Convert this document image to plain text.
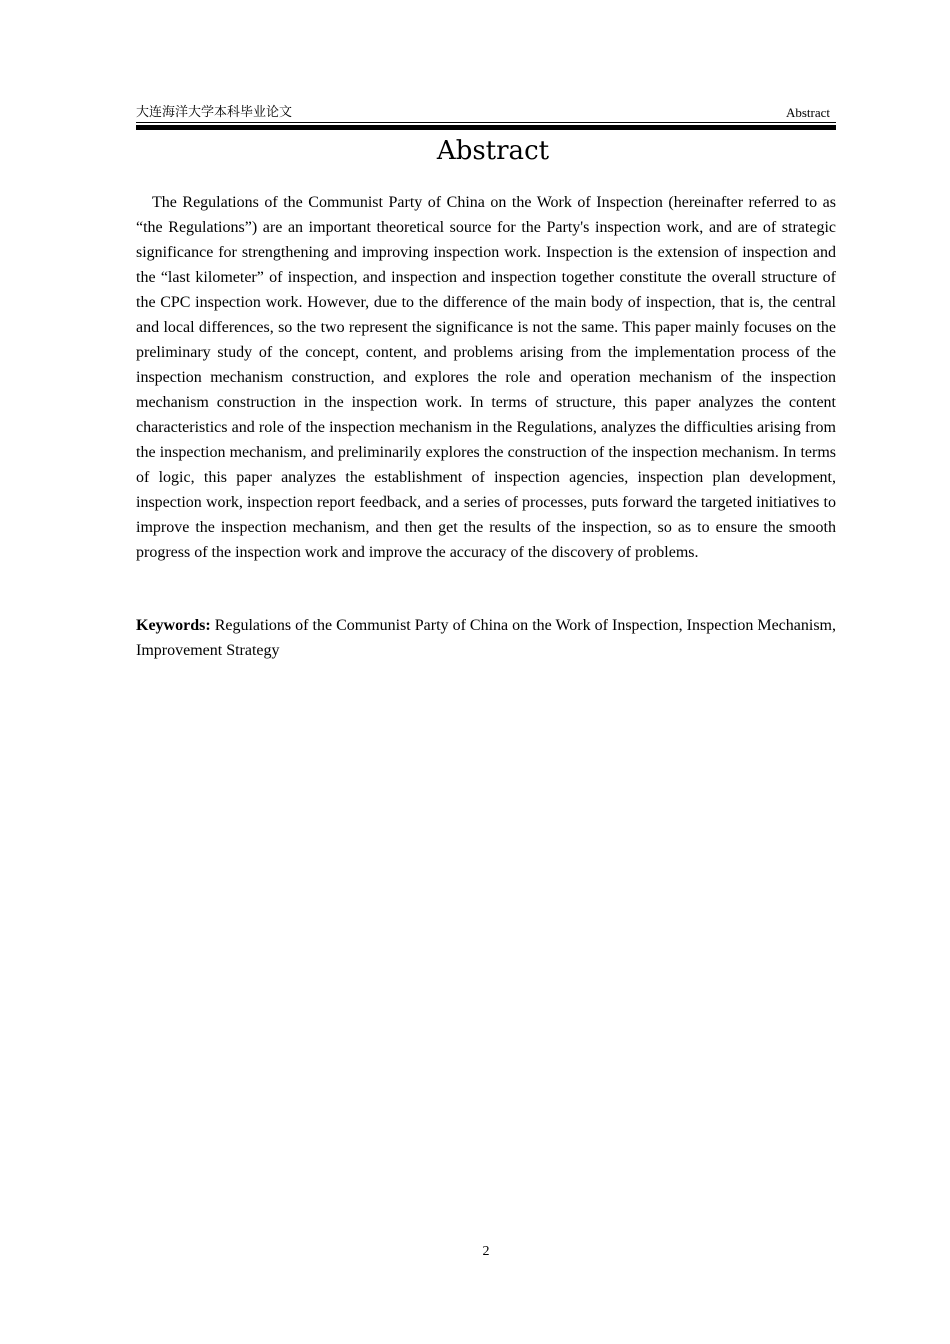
大连海洋大学本科毕业论文	Abstract
Abstract

The Regulations of the Communist Party of China on the Work of Inspection (hereinafter referred to as “the Regulations”) are an important theoretical source for the Party's inspection work, and are of strategic significance for strengthening and improving inspection work. Inspection is the extension of inspection and the “last kilometer” of inspection, and inspection and inspection together constitute the overall structure of the CPC inspection work. However, due to the difference of the main body of inspection, that is, the central and local differences, so the two represent the significance is not the same. This paper mainly focuses on the preliminary study of the concept, content, and problems arising from the implementation process of the inspection mechanism construction, and explores the role and operation mechanism of the inspection mechanism construction in the inspection work. In terms of structure, this paper analyzes the content characteristics and role of the inspection mechanism in the Regulations, analyzes the difficulties arising from the inspection mechanism, and preliminarily explores the construction of the inspection mechanism. In terms of logic, this paper analyzes the establishment of inspection agencies, inspection plan development, inspection work, inspection report feedback, and a series of processes, puts forward the targeted initiatives to improve the inspection mechanism, and then get the results of the inspection, so as to ensure the smooth progress of the inspection work and improve the accuracy of the discovery of problems.

Keywords: Regulations of the Communist Party of China on the Work of Inspection, Inspection Mechanism, Improvement Strategy

2
